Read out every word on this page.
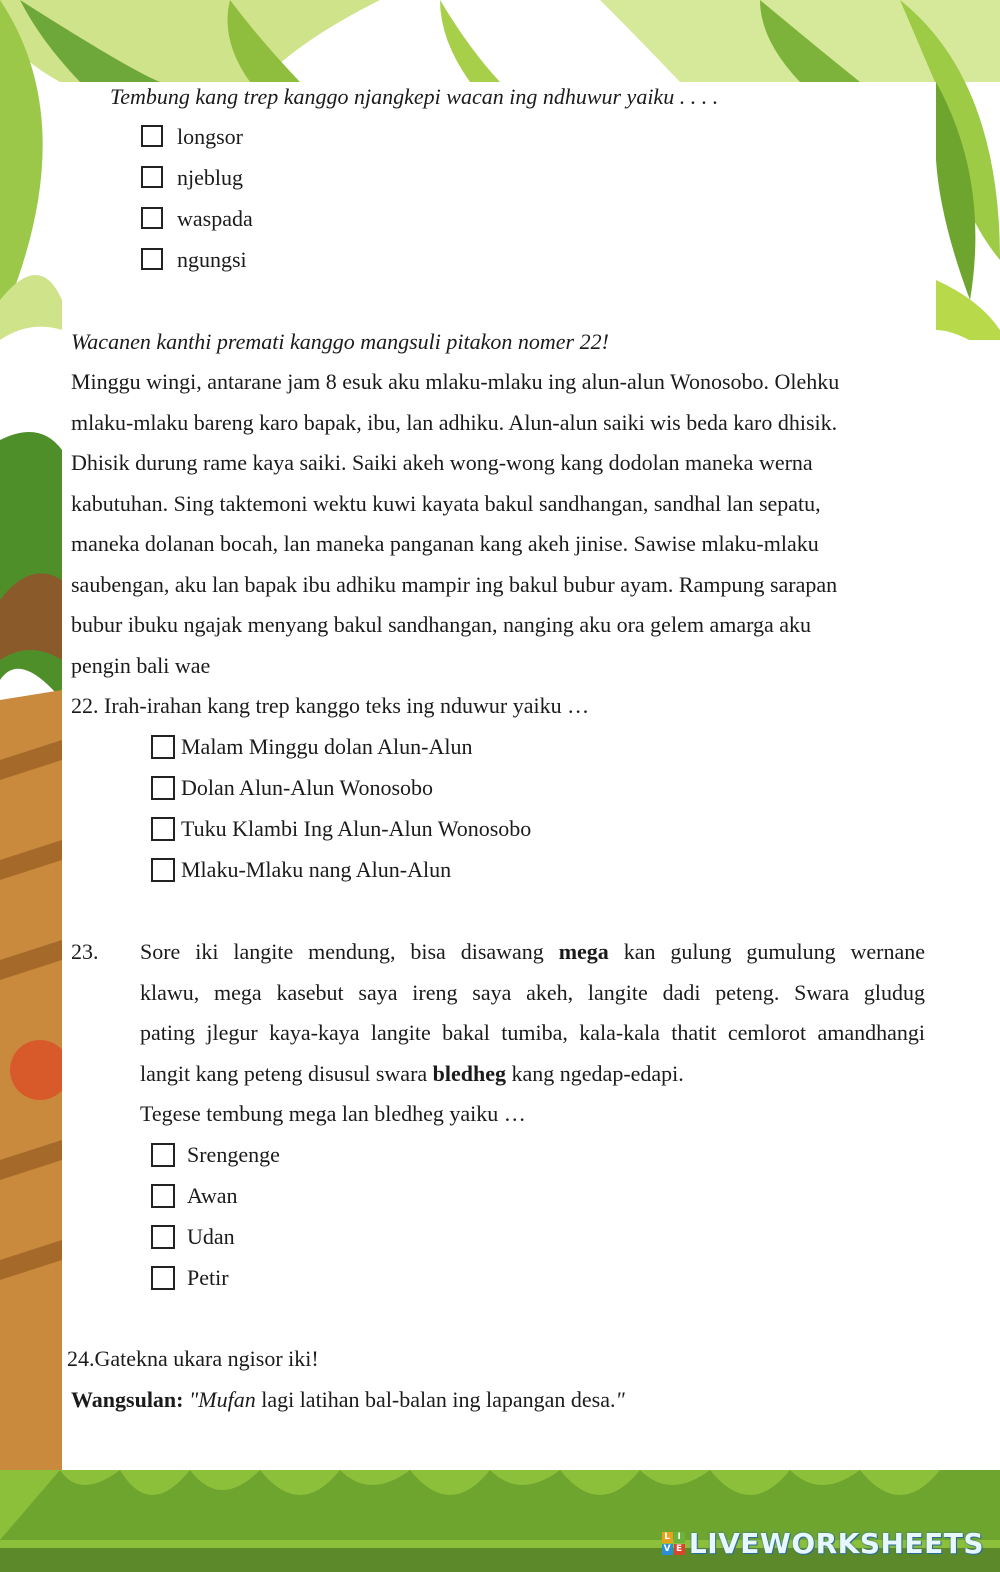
Tembung kang trep kanggo njangkepi wacan ing ndhuwur yaiku . . . .
longsor
njeblug
waspada
ngungsi
Wacanen kanthi premati kanggo mangsuli pitakon nomer 22!
Minggu wingi, antarane jam 8 esuk aku mlaku-mlaku ing alun-alun Wonosobo. Olehku
mlaku-mlaku bareng karo bapak, ibu, lan adhiku. Alun-alun saiki wis beda karo dhisik.
Dhisik durung rame kaya saiki. Saiki akeh wong-wong kang dodolan maneka werna
kabutuhan. Sing taktemoni wektu kuwi kayata bakul sandhangan, sandhal lan sepatu,
maneka dolanan bocah, lan maneka panganan kang akeh jinise. Sawise mlaku-mlaku
saubengan, aku lan bapak ibu adhiku mampir ing bakul bubur ayam. Rampung sarapan
bubur ibuku ngajak menyang bakul sandhangan, nanging aku ora gelem amarga aku
pengin bali wae
22. Irah-irahan kang trep kanggo teks ing nduwur yaiku …
Malam Minggu dolan Alun-Alun
Dolan Alun-Alun Wonosobo
Tuku Klambi Ing Alun-Alun Wonosobo
Mlaku-Mlaku nang Alun-Alun
23. Sore iki langite mendung, bisa disawang mega kan gulung gumulung wernane
klawu, mega kasebut saya ireng saya akeh, langite dadi peteng. Swara gludug
pating jlegur kaya-kaya langite bakal tumiba, kala-kala thatit cemlorot amandhangi
langit kang peteng disusul swara bledheg kang ngedap-edapi.
Tegese tembung mega lan bledheg yaiku …
Srengenge
Awan
Udan
Petir
24.Gatekna ukara ngisor iki!
Wangsulan: "Mufan lagi latihan bal-balan ing lapangan desa."
L I
V E LIVEWORKSHEETS
